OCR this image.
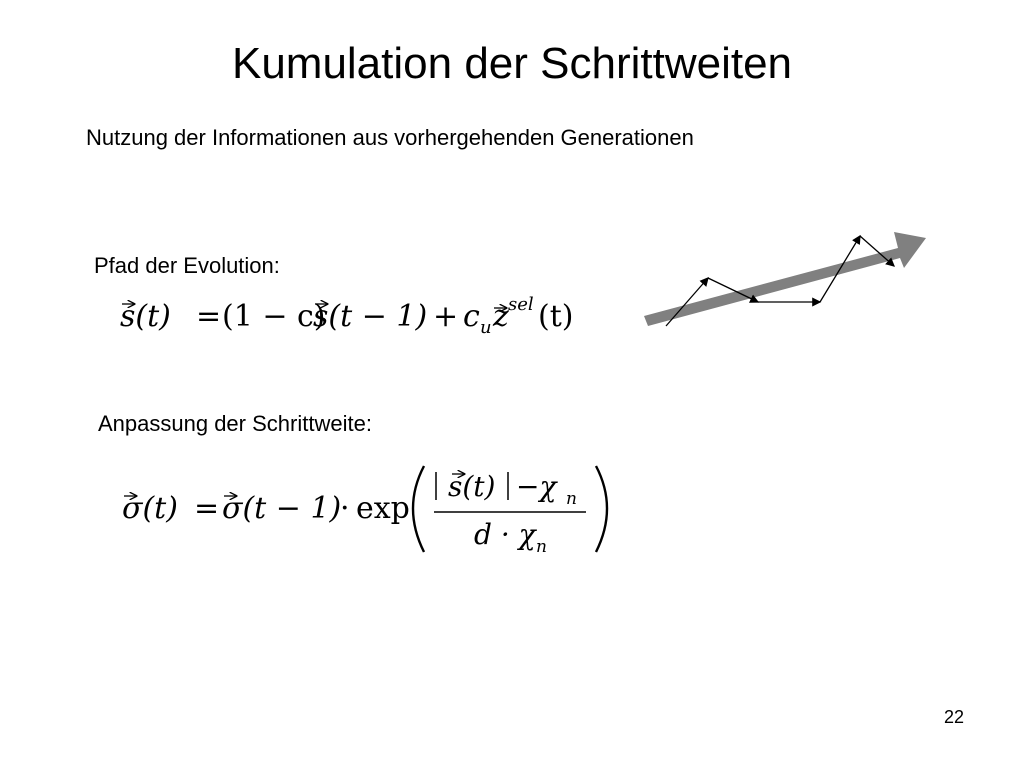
Kumulation der Schrittweiten
Nutzung der Informationen aus vorhergehenden Generationen
Pfad der Evolution:
s(t) = (1 − c)
s(t − 1) + c u z sel (t)
Anpassung der Schrittweite:
σ(t) = σ(t − 1)
· exp
s(t) −χ n
d · χ n
22
